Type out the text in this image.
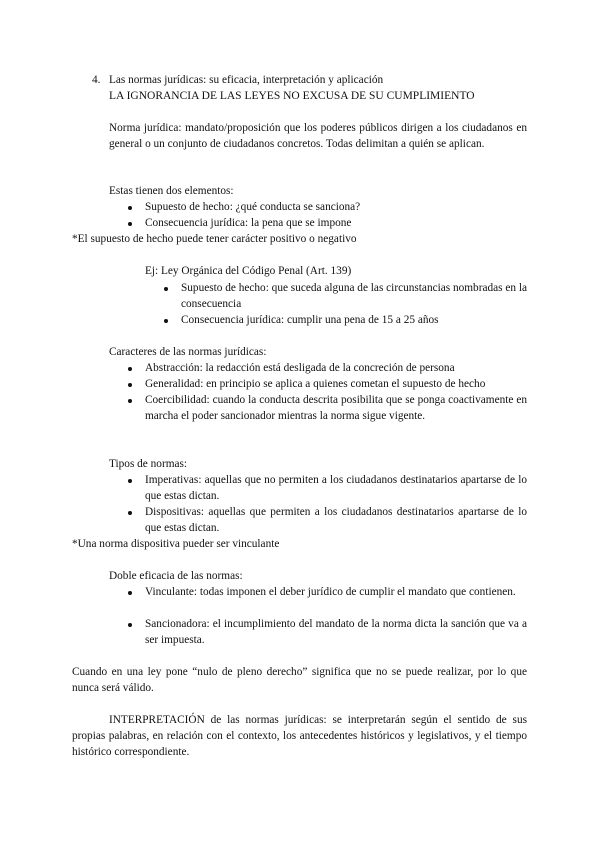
4. Las normas jurídicas: su eficacia, interpretación y aplicación
LA IGNORANCIA DE LAS LEYES NO EXCUSA DE SU CUMPLIMIENTO
Norma jurídica: mandato/proposición que los poderes públicos dirigen a los ciudadanos en general o un conjunto de ciudadanos concretos. Todas delimitan a quién se aplican.
Estas tienen dos elementos:
Supuesto de hecho: ¿qué conducta se sanciona?
Consecuencia jurídica: la pena que se impone
*El supuesto de hecho puede tener carácter positivo o negativo
Ej: Ley Orgánica del Código Penal (Art. 139)
Supuesto de hecho: que suceda alguna de las circunstancias nombradas en la consecuencia
Consecuencia jurídica: cumplir una pena de 15 a 25 años
Caracteres de las normas jurídicas:
Abstracción: la redacción está desligada de la concreción de persona
Generalidad: en principio se aplica a quienes cometan el supuesto de hecho
Coercibilidad: cuando la conducta descrita posibilita que se ponga coactivamente en marcha el poder sancionador mientras la norma sigue vigente.
Tipos de normas:
Imperativas: aquellas que no permiten a los ciudadanos destinatarios apartarse de lo que estas dictan.
Dispositivas: aquellas que permiten a los ciudadanos destinatarios apartarse de lo que estas dictan.
*Una norma dispositiva pueder ser vinculante
Doble eficacia de las normas:
Vinculante: todas imponen el deber jurídico de cumplir el mandato que contienen.
Sancionadora: el incumplimiento del mandato de la norma dicta la sanción que va a ser impuesta.
Cuando en una ley pone “nulo de pleno derecho” significa que no se puede realizar, por lo que nunca será válido.
INTERPRETACIÓN de las normas jurídicas: se interpretarán según el sentido de sus propias palabras, en relación con el contexto, los antecedentes históricos y legislativos, y el tiempo histórico correspondiente.
